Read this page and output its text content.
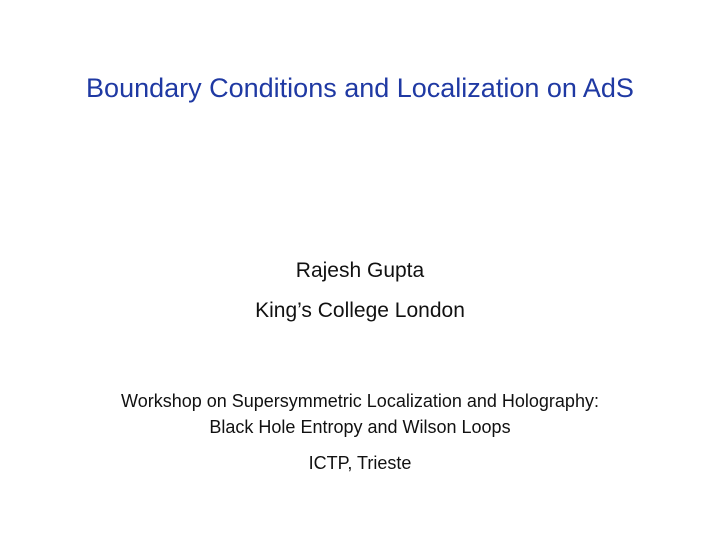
Boundary Conditions and Localization on AdS
Rajesh Gupta
King’s College London
Workshop on Supersymmetric Localization and Holography:
Black Hole Entropy and Wilson Loops
ICTP, Trieste
